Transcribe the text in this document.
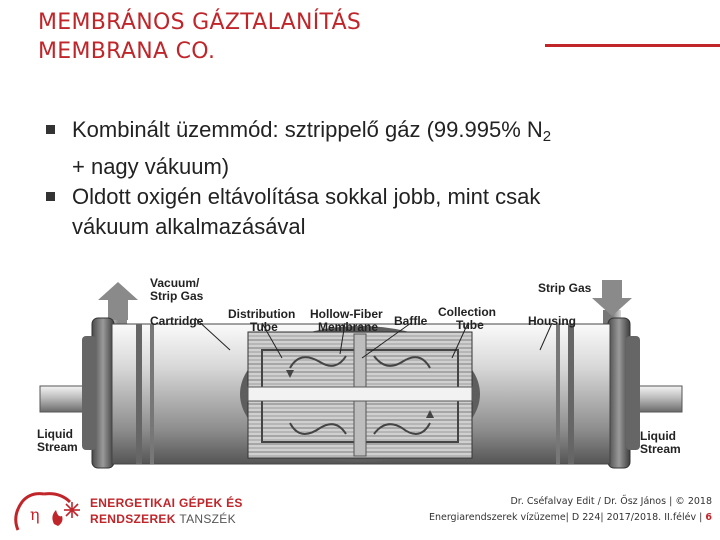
MEMBRÁNOS GÁZTALANÍTÁS
MEMBRANA CO.
Kombinált üzemmód: sztrippelő gáz (99.995% $N_2$
+ nagy vákuum)
Oldott oxigén eltávolítása sokkal jobb, mint csak
vákuum alkalmazásával
Vacuum/
Strip Gas
Cartridge Distribution
Tube
Hollow-Fiber
Membrane	Baffle
Collection
Tube
Strip Gas
Housing
Liquid
Stream
Liquid
Stream
η
ENERGETIKAI GÉPEK ÉS
RENDSZEREK TANSZÉK
Dr. Cséfalvay Edit / Dr. Ősz János | © 2018
Energiarendszerek vízüzeme| D 224| 2017/2018. II.félév | 6
